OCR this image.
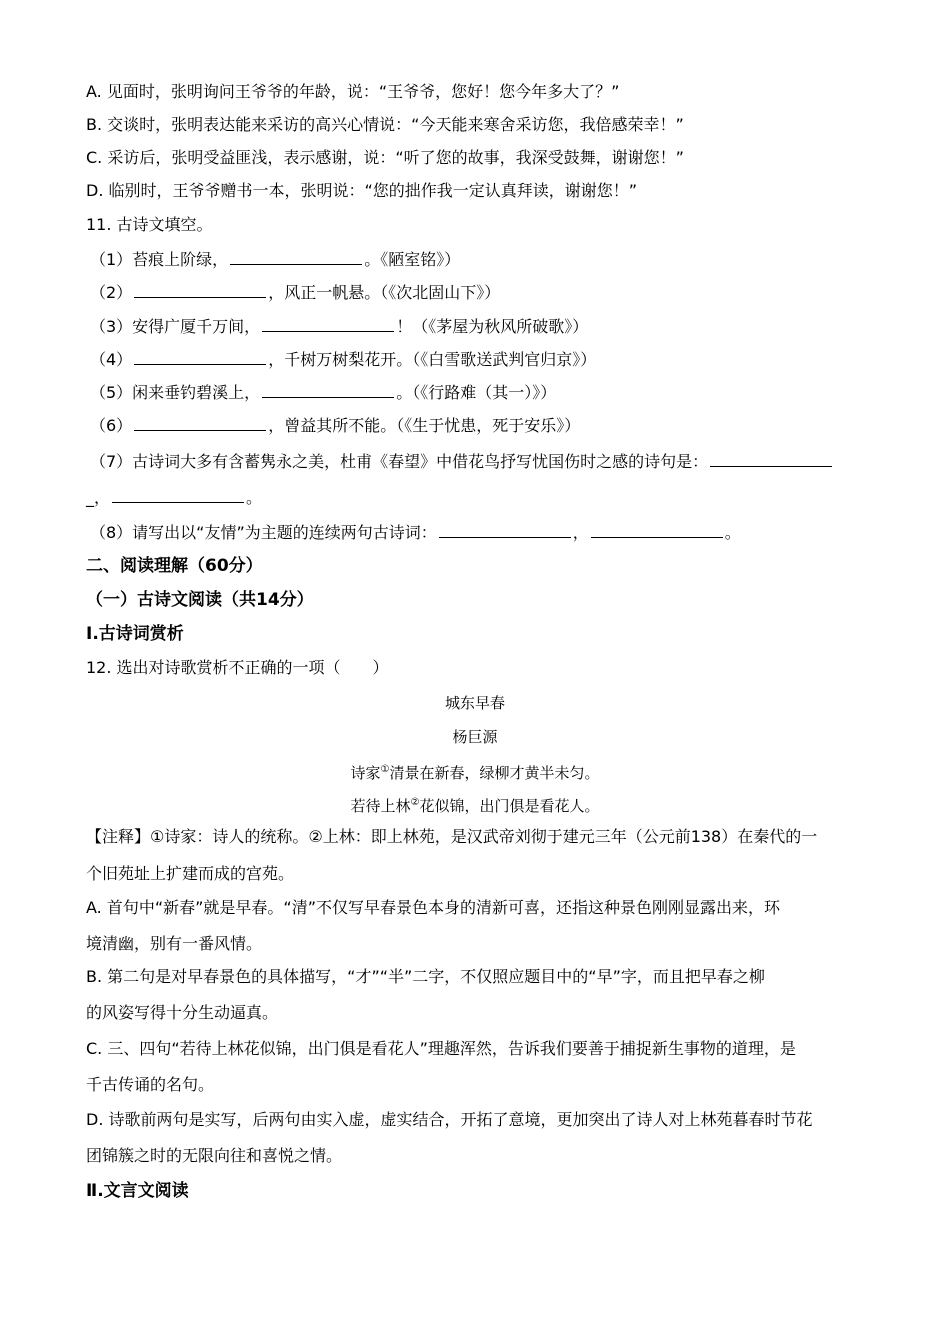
A. 见面时，张明询问王爷爷的年龄，说：“王爷爷，您好！您今年多大了？”
B. 交谈时，张明表达能来采访的高兴心情说：“今天能来寒舍采访您，我倍感荣幸！”
C. 采访后，张明受益匪浅，表示感谢，说：“听了您的故事，我深受鼓舞，谢谢您！”
D. 临别时，王爷爷赠书一本，张明说：“您的拙作我一定认真拜读，谢谢您！”
11. 古诗文填空。
（1）苔痕上阶绿，	。《陋室铭》）
（2）	，风正一帆悬。（《次北固山下》）
（3）安得广厦千万间，	！（《茅屋为秋风所破歌》）
（4）	，千树万树梨花开。（《白雪歌送武判官归京》）
（5）闲来垂钓碧溪上，	。（《行路难（其一）》）
（6）	，曾益其所不能。（《生于忧患，死于安乐》）
（7）古诗词大多有含蓄隽永之美，杜甫《春望》中借花鸟抒写忧国伤时之感的诗句是：
_，	。
（8）请写出以“友情”为主题的连续两句古诗词：	，	。
二、阅读理解（60分）
（一）古诗文阅读（共14分）
Ⅰ.古诗词赏析
12. 选出对诗歌赏析不正确的一项（　　）
城东早春
杨巨源
诗家①清景在新春，绿柳才黄半未匀。
若待上林②花似锦，出门俱是看花人。
【注释】①诗家：诗人的统称。②上林：即上林苑，是汉武帝刘彻于建元三年（公元前138）在秦代的一
个旧苑址上扩建而成的宫苑。
A. 首句中“新春”就是早春。“清”不仅写早春景色本身的清新可喜，还指这种景色刚刚显露出来，环
境清幽，别有一番风情。
B. 第二句是对早春景色的具体描写，“才”“半”二字，不仅照应题目中的“早”字，而且把早春之柳
的风姿写得十分生动逼真。
C. 三、四句“若待上林花似锦，出门俱是看花人”理趣浑然，告诉我们要善于捕捉新生事物的道理，是
千古传诵的名句。
D. 诗歌前两句是实写，后两句由实入虚，虚实结合，开拓了意境，更加突出了诗人对上林苑暮春时节花
团锦簇之时的无限向往和喜悦之情。
Ⅱ.文言文阅读
